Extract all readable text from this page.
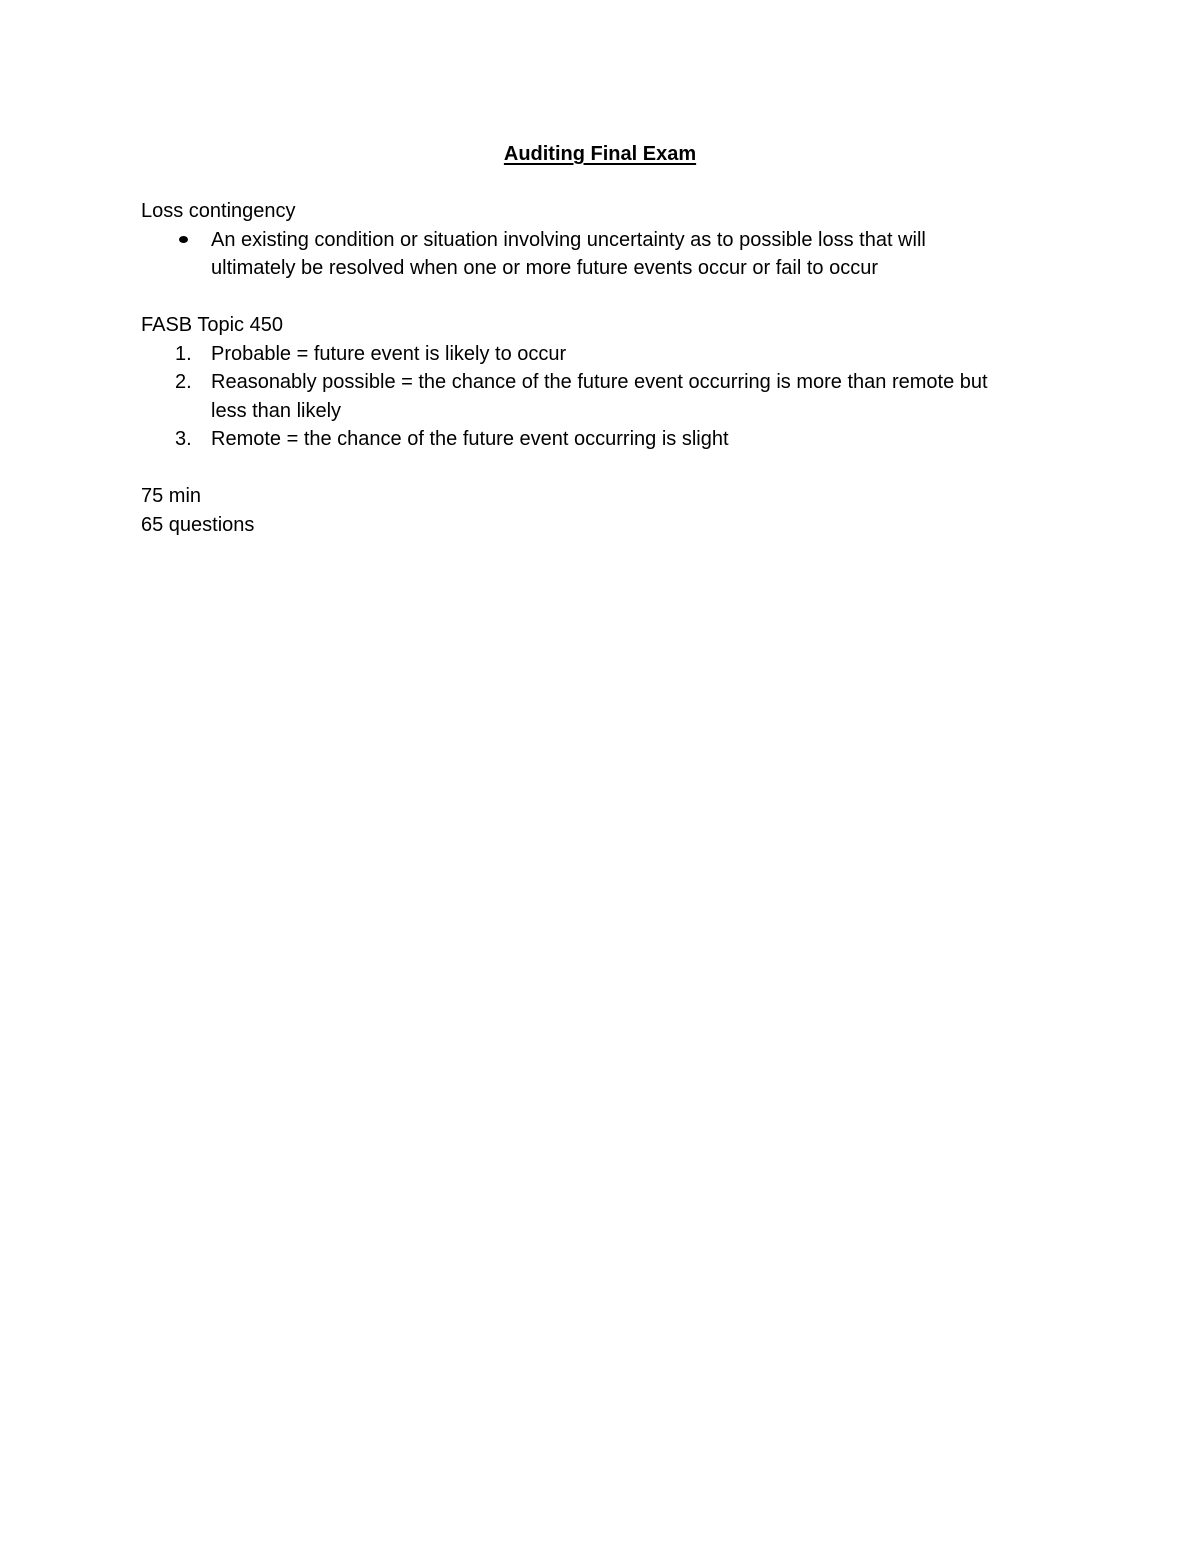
Auditing Final Exam

Loss contingency

An existing condition or situation involving uncertainty as to possible loss that will

ultimately be resolved when one or more future events occur or fail to occur

FASB Topic 450

1. Probable = future event is likely to occur

2. Reasonably possible = the chance of the future event occurring is more than remote but

less than likely

3. Remote = the chance of the future event occurring is slight

75 min

65 questions
